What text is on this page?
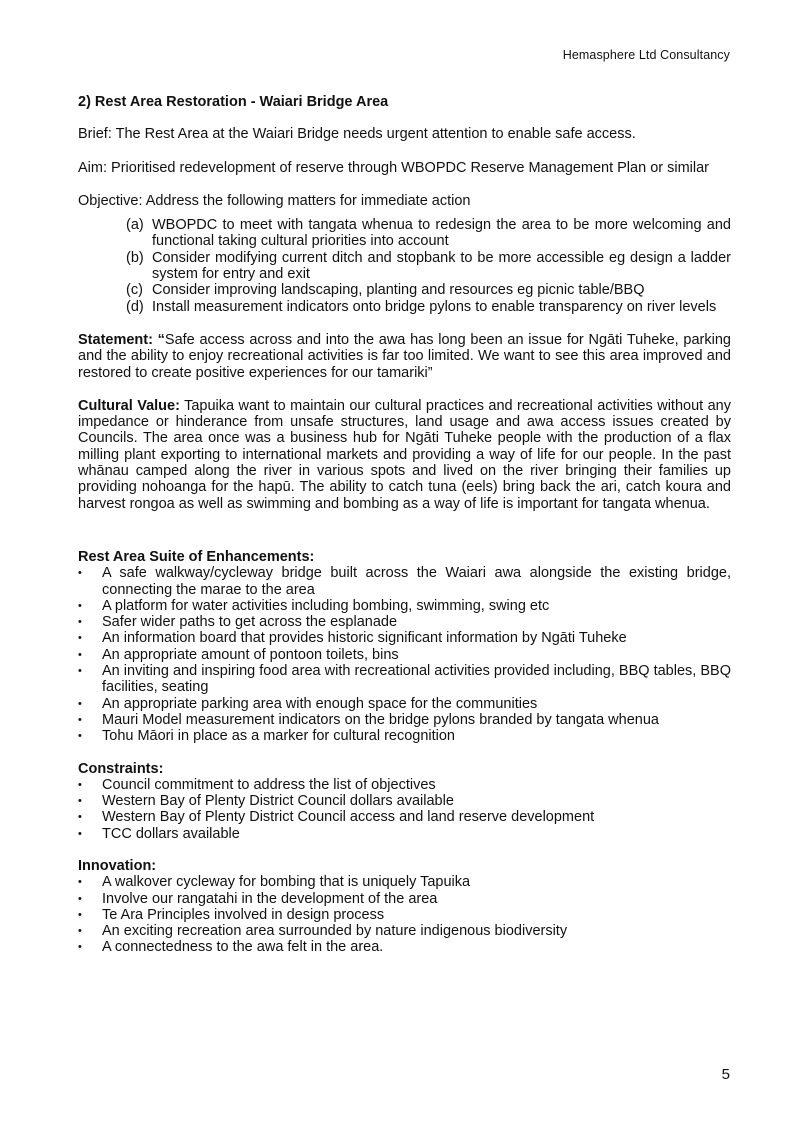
Hemasphere Ltd Consultancy

2) Rest Area Restoration - Waiari Bridge Area

Brief: The Rest Area at the Waiari Bridge needs urgent attention to enable safe access.

Aim: Prioritised redevelopment of reserve through WBOPDC Reserve Management Plan or similar

Objective: Address the following matters for immediate action

(a) WBOPDC to meet with tangata whenua to redesign the area to be more welcoming and functional taking cultural priorities into account
(b) Consider modifying current ditch and stopbank to be more accessible eg design a ladder system for entry and exit
(c) Consider improving landscaping, planting and resources eg picnic table/BBQ
(d) Install measurement indicators onto bridge pylons to enable transparency on river levels

Statement: “Safe access across and into the awa has long been an issue for Ngāti Tuheke, parking and the ability to enjoy recreational activities is far too limited. We want to see this area improved and restored to create positive experiences for our tamariki”

Cultural Value: Tapuika want to maintain our cultural practices and recreational activities without any impedance or hinderance from unsafe structures, land usage and awa access issues created by Councils. The area once was a business hub for Ngāti Tuheke people with the production of a flax milling plant exporting to international markets and providing a way of life for our people. In the past whānau camped along the river in various spots and lived on the river bringing their families up providing nohoanga for the hapū. The ability to catch tuna (eels) bring back the ari, catch koura and harvest rongoa as well as swimming and bombing as a way of life is important for tangata whenua.

Rest Area Suite of Enhancements:

•	A safe walkway/cycleway bridge built across the Waiari awa alongside the existing bridge, connecting the marae to the area
•	A platform for water activities including bombing, swimming, swing etc
•	Safer wider paths to get across the esplanade
•	An information board that provides historic significant information by Ngāti Tuheke
•	An appropriate amount of pontoon toilets, bins
•	An inviting and inspiring food area with recreational activities provided including, BBQ tables, BBQ facilities, seating
•	An appropriate parking area with enough space for the communities
•	Mauri Model measurement indicators on the bridge pylons branded by tangata whenua
•	Tohu Māori in place as a marker for cultural recognition

Constraints:

•	Council commitment to address the list of objectives
•	Western Bay of Plenty District Council dollars available
•	Western Bay of Plenty District Council access and land reserve development
•	TCC dollars available

Innovation:

•	A walkover cycleway for bombing that is uniquely Tapuika
•	Involve our rangatahi in the development of the area
•	Te Ara Principles involved in design process
•	An exciting recreation area surrounded by nature indigenous biodiversity
•	A connectedness to the awa felt in the area.
5
